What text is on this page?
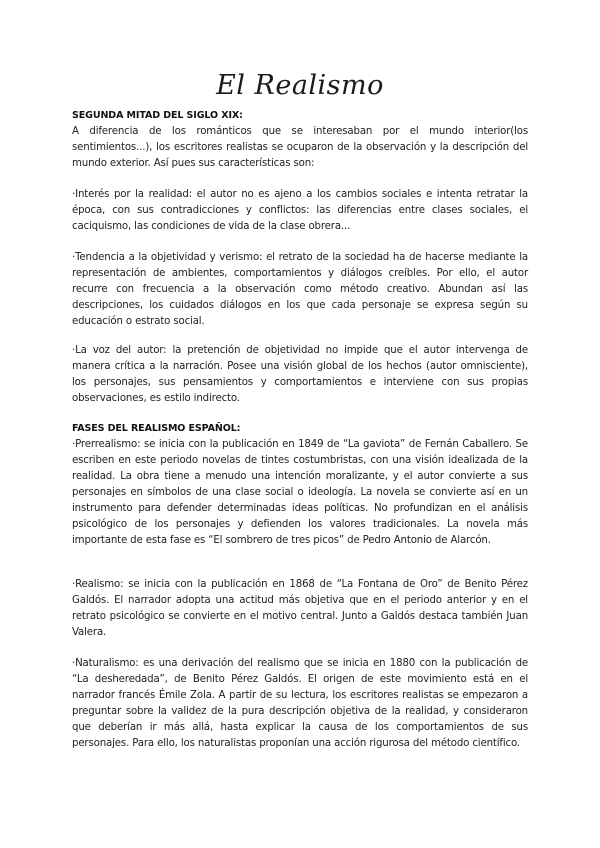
El Realismo
SEGUNDA MITAD DEL SIGLO XIX:
A diferencia de los románticos que se interesaban por el mundo interior(los sentimientos...), los escritores realistas se ocuparon de la observación y la descripción del mundo exterior. Así pues sus características son:
·Interés por la realidad: el autor no es ajeno a los cambios sociales e intenta retratar la época, con sus contradicciones y conflictos: las diferencias entre clases sociales, el caciquismo, las condiciones de vida de la clase obrera...
·Tendencia a la objetividad y verismo: el retrato de la sociedad ha de hacerse mediante la representación de ambientes, comportamientos y diálogos creíbles. Por ello, el autor recurre con frecuencia a la observación como método creativo. Abundan así las descripciones, los cuidados diálogos en los que cada personaje se expresa según su educación o estrato social.
·La voz del autor: la pretención de objetividad no impide que el autor intervenga de manera crítica a la narración. Posee una visión global de los hechos (autor omnisciente), los personajes, sus pensamientos y comportamientos e interviene con sus propias observaciones, es estilo indirecto.
FASES DEL REALISMO ESPAÑOL:
·Prerrealismo: se inicia con la publicación en 1849 de “La gaviota” de Fernán Caballero. Se escriben en este periodo novelas de tintes costumbristas, con una visión idealizada de la realidad. La obra tiene a menudo una intención moralizante, y el autor convierte a sus personajes en símbolos de una clase social o ideología. La novela se convierte así en un instrumento para defender determinadas ideas políticas. No profundizan en el análisis psicológico de los personajes y defienden los valores tradicionales. La novela más importante de esta fase es “El sombrero de tres picos” de Pedro Antonio de Alarcón.
·Realismo: se inicia con la publicación en 1868 de “La Fontana de Oro” de Benito Pérez Galdós. El narrador adopta una actitud más objetiva que en el periodo anterior y en el retrato psicológico se convierte en el motivo central. Junto a Galdós destaca también Juan Valera.
·Naturalismo: es una derivación del realismo que se inicia en 1880 con la publicación de “La desheredada”, de Benito Pérez Galdós. El origen de este movimiento está en el narrador francés Émile Zola. A partir de su lectura, los escritores realistas se empezaron a preguntar sobre la validez de la pura descripción objetiva de la realidad, y consideraron que deberían ir más allá, hasta explicar la causa de los comportamientos de sus personajes. Para ello, los naturalistas proponían una acción rigurosa del método científico.
